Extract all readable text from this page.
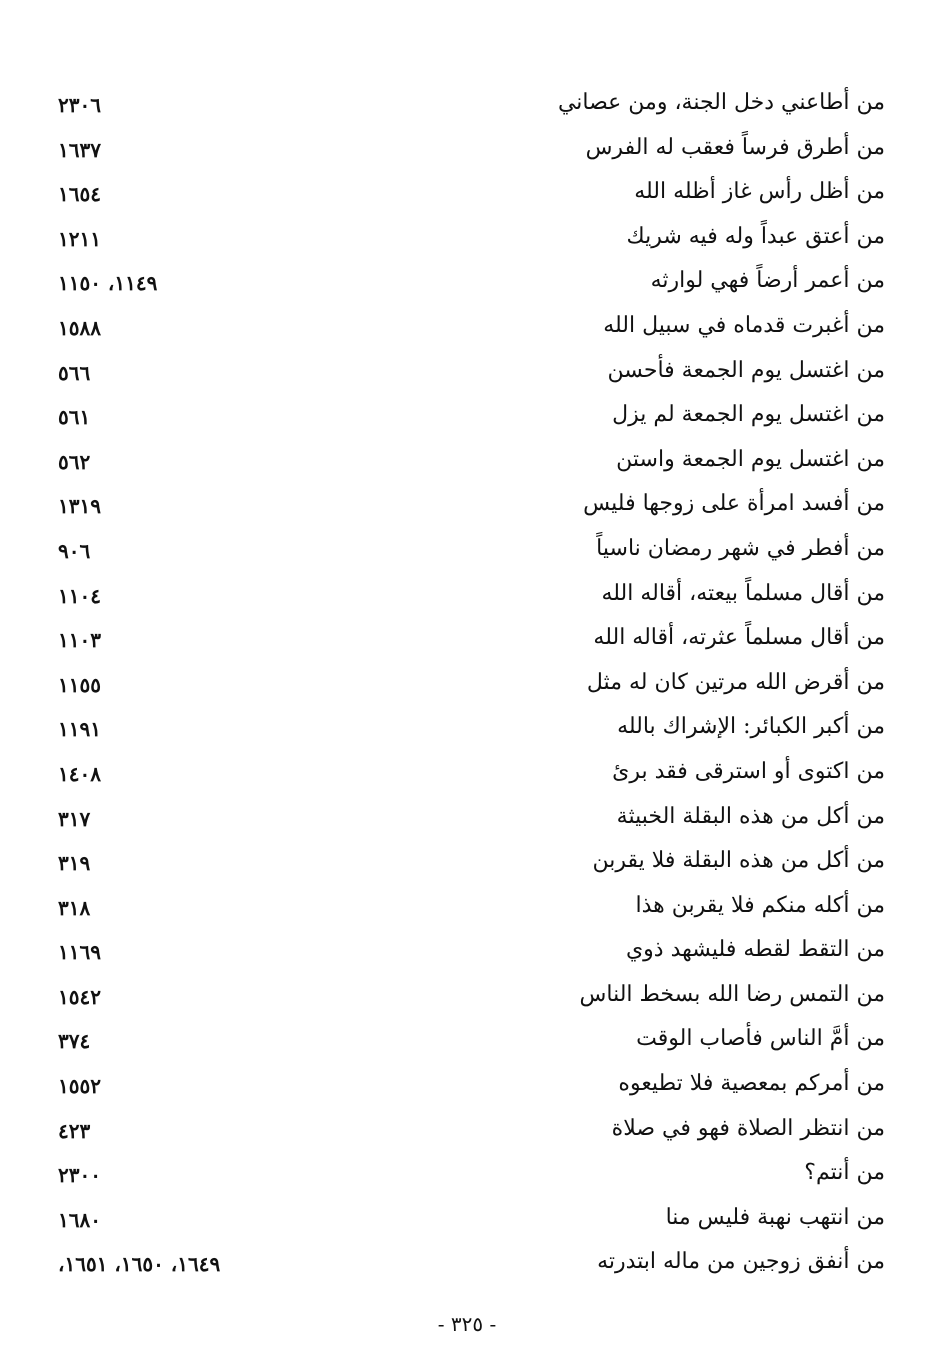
من أطاعني دخل الجنة، ومن عصاني
٢٣٠٦
من أطرق فرساً فعقب له الفرس
١٦٣٧
من أظل رأس غاز أظله الله
١٦٥٤
من أعتق عبداً وله فيه شريك
١٢١١
من أعمر أرضاً فهي لوارثه
١١٤٩، ١١٥٠
من أغبرت قدماه في سبيل الله
١٥٨٨
من اغتسل يوم الجمعة فأحسن
٥٦٦
من اغتسل يوم الجمعة لم يزل
٥٦١
من اغتسل يوم الجمعة واستن
٥٦٢
من أفسد امرأة على زوجها فليس
١٣١٩
من أفطر في شهر رمضان ناسياً
٩٠٦
من أقال مسلماً بيعته، أقاله الله
١١٠٤
من أقال مسلماً عثرته، أقاله الله
١١٠٣
من أقرض الله مرتين كان له مثل
١١٥٥
من أكبر الكبائر: الإشراك بالله
١١٩١
من اكتوى أو استرقى فقد برئ
١٤٠٨
من أكل من هذه البقلة الخبيثة
٣١٧
من أكل من هذه البقلة فلا يقربن
٣١٩
من أكله منكم فلا يقربن هذا
٣١٨
من التقط لقطه فليشهد ذوي
١١٦٩
من التمس رضا الله بسخط الناس
١٥٤٢
من أمَّ الناس فأصاب الوقت
٣٧٤
من أمركم بمعصية فلا تطيعوه
١٥٥٢
من انتظر الصلاة فهو في صلاة
٤٢٣
من أنتم؟
٢٣٠٠
من انتهب نهبة فليس منا
١٦٨٠
من أنفق زوجين من ماله ابتدرته
١٦٤٩، ١٦٥٠، ١٦٥١،
- ٣٢٥ -
